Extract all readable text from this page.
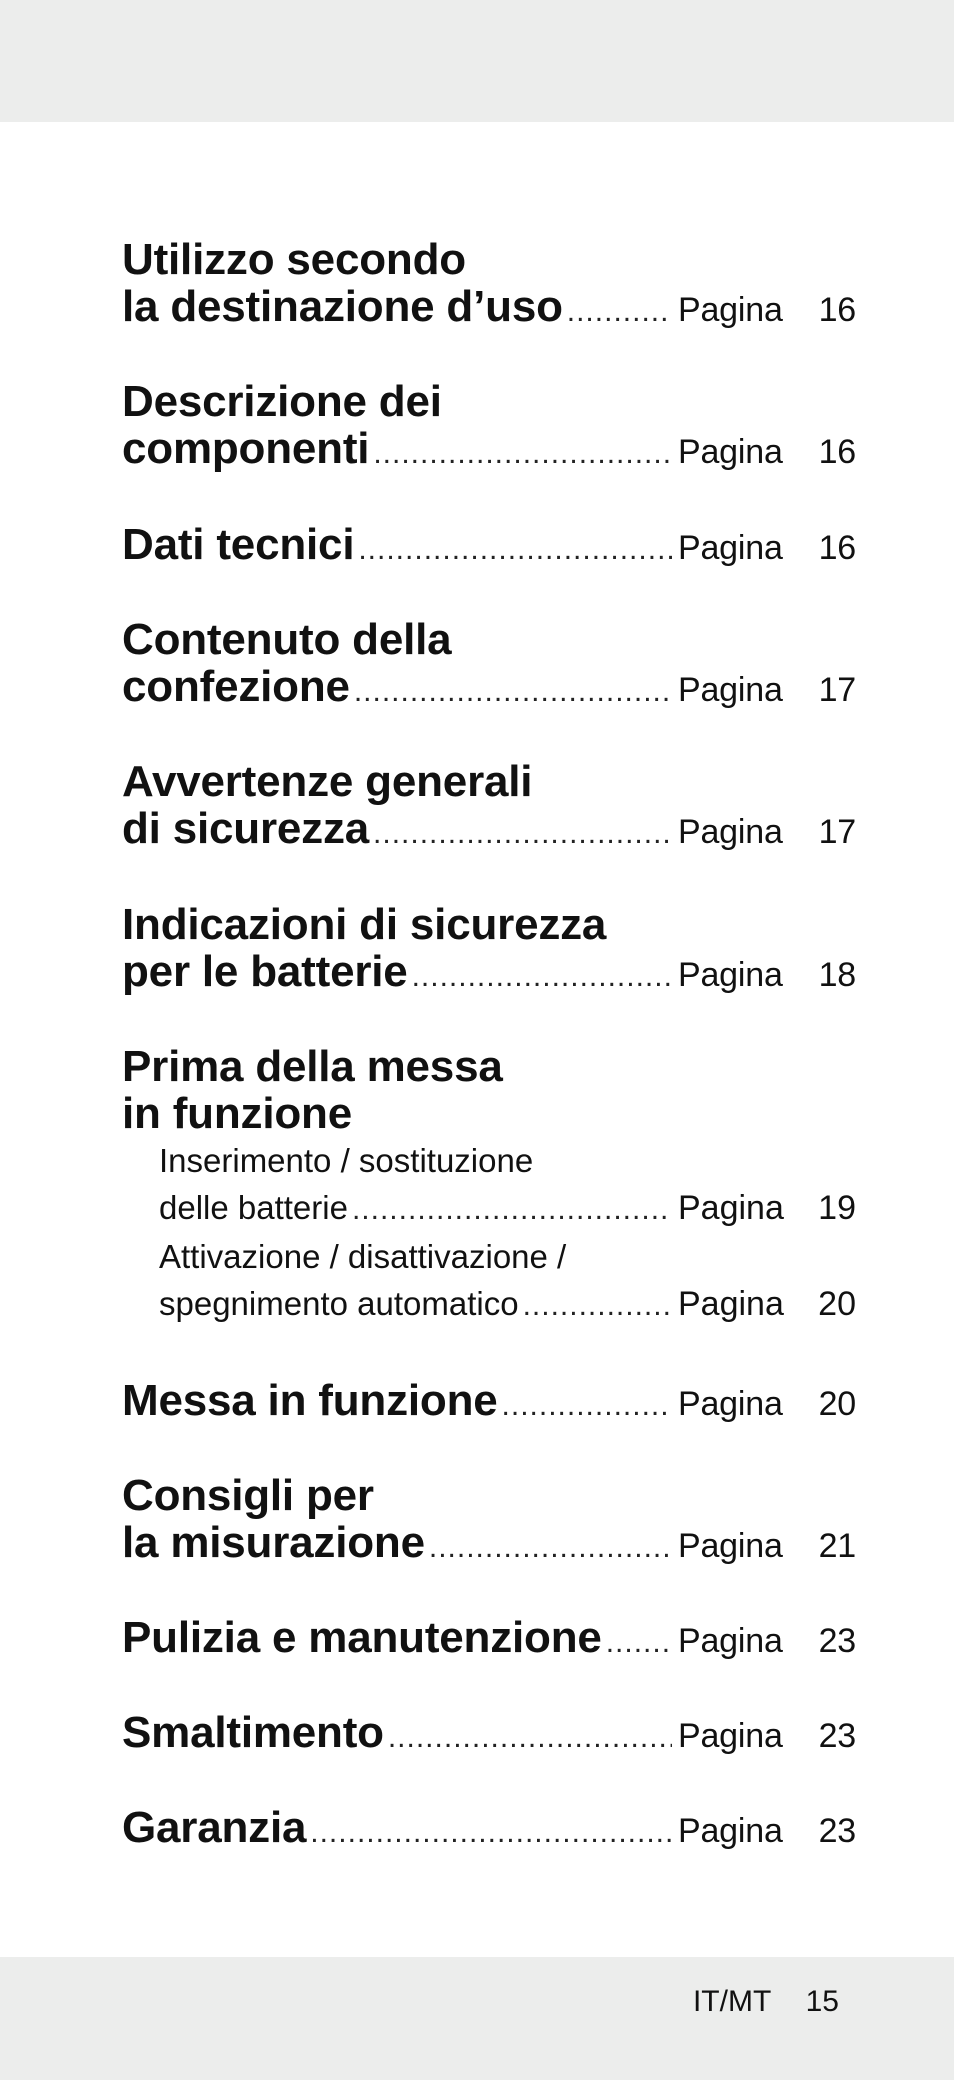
Utilizzo secondo
la destinazione d’uso .....	Pagina	16
Descrizione dei
componenti .....	Pagina	16
Dati tecnici .....	Pagina	16
Contenuto della
confezione .....	Pagina	17
Avvertenze generali
di sicurezza .....	Pagina	17
Indicazioni di sicurezza
per le batterie .....	Pagina	18
Prima della messa
in funzione
Inserimento / sostituzione
delle batterie .....	Pagina	19
Attivazione / disattivazione /
spegnimento automatico .....	Pagina	20
Messa in funzione .....	Pagina	20
Consigli per
la misurazione .....	Pagina	21
Pulizia e manutenzione ..... Pagina	23
Smaltimento .....	Pagina	23
Garanzia .....	Pagina	23
IT/MT 15
